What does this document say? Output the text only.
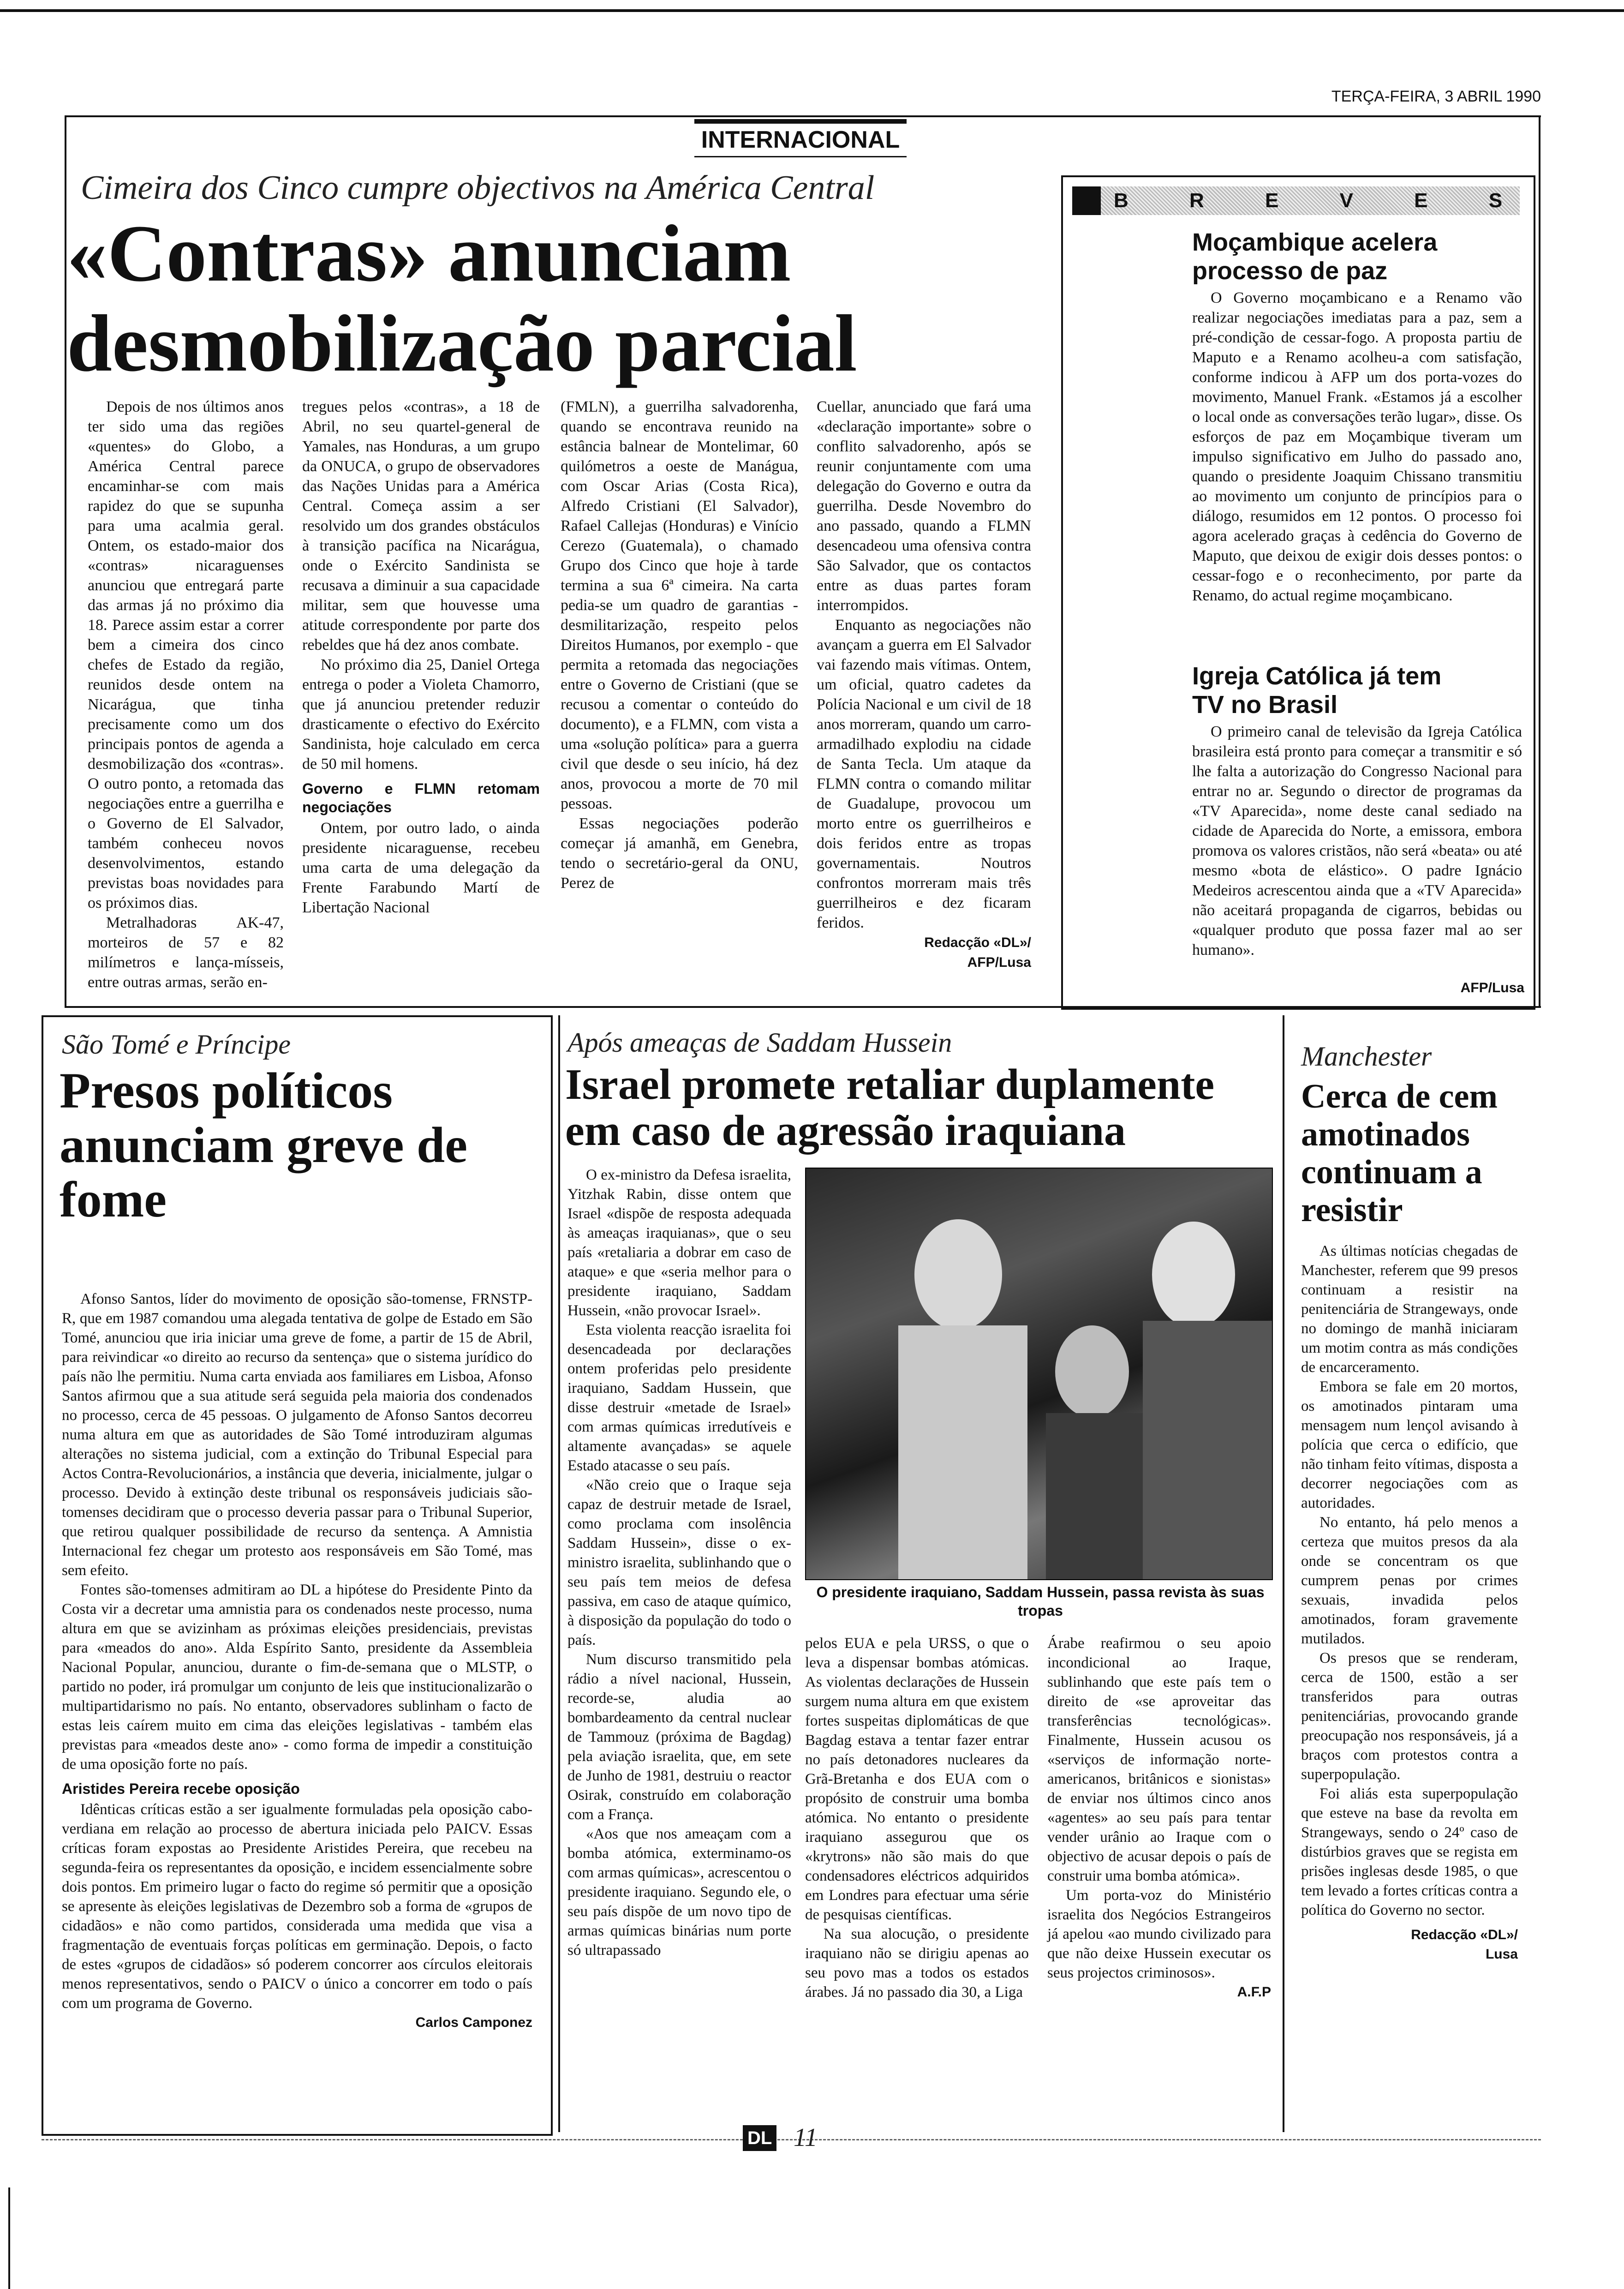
TERÇA-FEIRA, 3 ABRIL 1990
INTERNACIONAL
Cimeira dos Cinco cumpre objectivos na América Central
«Contras» anunciam
desmobilização parcial

Depois de nos últimos anos ter sido uma das regiões «quentes» do Globo, a América Central parece encaminhar-se com mais rapidez do que se supunha para uma acalmia geral. Ontem, os estado-maior dos «contras» nicaraguenses anunciou que entregará parte das armas já no próximo dia 18. Parece assim estar a correr bem a cimeira dos cinco chefes de Estado da região, reunidos desde ontem na Nicarágua, que tinha precisamente como um dos principais pontos de agenda a desmobilização dos «contras». O outro ponto, a retomada das negociações entre a guerrilha e o Governo de El Salvador, também conheceu novos desenvolvimentos, estando previstas boas novidades para os próximos dias.

Metralhadoras AK-47, morteiros de 57 e 82 milímetros e lança-mísseis, entre outras armas, serão en-

tregues pelos «contras», a 18 de Abril, no seu quartel-general de Yamales, nas Honduras, a um grupo da ONUCA, o grupo de observadores das Nações Unidas para a América Central. Começa assim a ser resolvido um dos grandes obstáculos à transição pacífica na Nicarágua, onde o Exército Sandinista se recusava a diminuir a sua capacidade militar, sem que houvesse uma atitude correspondente por parte dos rebeldes que há dez anos combate.

No próximo dia 25, Daniel Ortega entrega o poder a Violeta Chamorro, que já anunciou pretender reduzir drasticamente o efectivo do Exército Sandinista, hoje calculado em cerca de 50 mil homens.

Governo e FLMN retomam negociações

Ontem, por outro lado, o ainda presidente nicaraguense, recebeu uma carta de uma delegação da Frente Farabundo Martí de Libertação Nacional

(FMLN), a guerrilha salvadorenha, quando se encontrava reunido na estância balnear de Montelimar, 60 quilómetros a oeste de Manágua, com Oscar Arias (Costa Rica), Alfredo Cristiani (El Salvador), Rafael Callejas (Honduras) e Vinício Cerezo (Guatemala), o chamado Grupo dos Cinco que hoje à tarde termina a sua 6ª cimeira. Na carta pedia-se um quadro de garantias - desmilitarização, respeito pelos Direitos Humanos, por exemplo - que permita a retomada das negociações entre o Governo de Cristiani (que se recusou a comentar o conteúdo do documento), e a FLMN, com vista a uma «solução política» para a guerra civil que desde o seu início, há dez anos, provocou a morte de 70 mil pessoas.

Essas negociações poderão começar já amanhã, em Genebra, tendo o secretário-geral da ONU, Perez de

Cuellar, anunciado que fará uma «declaração importante» sobre o conflito salvadorenho, após se reunir conjuntamente com uma delegação do Governo e outra da guerrilha. Desde Novembro do ano passado, quando a FLMN desencadeou uma ofensiva contra São Salvador, que os contactos entre as duas partes foram interrompidos.

Enquanto as negociações não avançam a guerra em El Salvador vai fazendo mais vítimas. Ontem, um oficial, quatro cadetes da Polícia Nacional e um civil de 18 anos morreram, quando um carro-armadilhado explodiu na cidade de Santa Tecla. Um ataque da FLMN contra o comando militar de Guadalupe, provocou um morto entre os guerrilheiros e dois feridos entre as tropas governamentais. Noutros confrontos morreram mais três guerrilheiros e dez ficaram feridos.

Redacção «DL»/
AFP/Lusa
B R E V E S
Moçambique acelera processo de paz

O Governo moçambicano e a Renamo vão realizar negociações imediatas para a paz, sem a pré-condição de cessar-fogo. A proposta partiu de Maputo e a Renamo acolheu-a com satisfação, conforme indicou à AFP um dos porta-vozes do movimento, Manuel Frank. «Estamos já a escolher o local onde as conversações terão lugar», disse. Os esforços de paz em Moçambique tiveram um impulso significativo em Julho do passado ano, quando o presidente Joaquim Chissano transmitiu ao movimento um conjunto de princípios para o diálogo, resumidos em 12 pontos. O processo foi agora acelerado graças à cedência do Governo de Maputo, que deixou de exigir dois desses pontos: o cessar-fogo e o reconhecimento, por parte da Renamo, do actual regime moçambicano.

Igreja Católica já tem TV no Brasil

O primeiro canal de televisão da Igreja Católica brasileira está pronto para começar a transmitir e só lhe falta a autorização do Congresso Nacional para entrar no ar. Segundo o director de programas da «TV Aparecida», nome deste canal sediado na cidade de Aparecida do Norte, a emissora, embora promova os valores cristãos, não será «beata» ou até mesmo «bota de elástico». O padre Ignácio Medeiros acrescentou ainda que a «TV Aparecida» não aceitará propaganda de cigarros, bebidas ou «qualquer produto que possa fazer mal ao ser humano».

AFP/Lusa
São Tomé e Príncipe
Presos políticos anunciam greve de fome

Afonso Santos, líder do movimento de oposição são-tomense, FRNSTP-R, que em 1987 comandou uma alegada tentativa de golpe de Estado em São Tomé, anunciou que iria iniciar uma greve de fome, a partir de 15 de Abril, para reivindicar «o direito ao recurso da sentença» que o sistema jurídico do país não lhe permitiu. Numa carta enviada aos familiares em Lisboa, Afonso Santos afirmou que a sua atitude será seguida pela maioria dos condenados no processo, cerca de 45 pessoas. O julgamento de Afonso Santos decorreu numa altura em que as autoridades de São Tomé introduziram algumas alterações no sistema judicial, com a extinção do Tribunal Especial para Actos Contra-Revolucionários, a instância que deveria, inicialmente, julgar o processo. Devido à extinção deste tribunal os responsáveis judiciais são-tomenses decidiram que o processo deveria passar para o Tribunal Superior, que retirou qualquer possibilidade de recurso da sentença. A Amnistia Internacional fez chegar um protesto aos responsáveis em São Tomé, mas sem efeito.

Fontes são-tomenses admitiram ao DL a hipótese do Presidente Pinto da Costa vir a decretar uma amnistia para os condenados neste processo, numa altura em que se avizinham as próximas eleições presidenciais, previstas para «meados do ano». Alda Espírito Santo, presidente da Assembleia Nacional Popular, anunciou, durante o fim-de-semana que o MLSTP, o partido no poder, irá promulgar um conjunto de leis que institucionalizarão o multipartidarismo no país. No entanto, observadores sublinham o facto de estas leis caírem muito em cima das eleições legislativas - também elas previstas para «meados deste ano» - como forma de impedir a constituição de uma oposição forte no país.

Aristides Pereira recebe oposição

Idênticas críticas estão a ser igualmente formuladas pela oposição cabo-verdiana em relação ao processo de abertura iniciada pelo PAICV. Essas críticas foram expostas ao Presidente Aristides Pereira, que recebeu na segunda-feira os representantes da oposição, e incidem essencialmente sobre dois pontos. Em primeiro lugar o facto do regime só permitir que a oposição se apresente às eleições legislativas de Dezembro sob a forma de «grupos de cidadãos» e não como partidos, considerada uma medida que visa a fragmentação de eventuais forças políticas em germinação. Depois, o facto de estes «grupos de cidadãos» só poderem concorrer aos círculos eleitorais menos representativos, sendo o PAICV o único a concorrer em todo o país com um programa de Governo.

Carlos Camponez
Após ameaças de Saddam Hussein
Israel promete retaliar duplamente
em caso de agressão iraquiana

O ex-ministro da Defesa israelita, Yitzhak Rabin, disse ontem que Israel «dispõe de resposta adequada às ameaças iraquianas», que o seu país «retaliaria a dobrar em caso de ataque» e que «seria melhor para o presidente iraquiano, Saddam Hussein, «não provocar Israel».

Esta violenta reacção israelita foi desencadeada por declarações ontem proferidas pelo presidente iraquiano, Saddam Hussein, que disse destruir «metade de Israel» com armas químicas irredutíveis e altamente avançadas» se aquele Estado atacasse o seu país.

«Não creio que o Iraque seja capaz de destruir metade de Israel, como proclama com insolência Saddam Hussein», disse o ex-ministro israelita, sublinhando que o seu país tem meios de defesa passiva, em caso de ataque químico, à disposição da população do todo o país.

Num discurso transmitido pela rádio a nível nacional, Hussein, recorde-se, aludia ao bombardeamento da central nuclear de Tammouz (próxima de Bagdag) pela aviação israelita, que, em sete de Junho de 1981, destruiu o reactor Osirak, construído em colaboração com a França.

«Aos que nos ameaçam com a bomba atómica, exterminamo-os com armas químicas», acrescentou o presidente iraquiano. Segundo ele, o seu país dispõe de um novo tipo de armas químicas binárias num porte só ultrapassado

O presidente iraquiano, Saddam Hussein, passa revista às suas tropas

pelos EUA e pela URSS, o que o leva a dispensar bombas atómicas. As violentas declarações de Hussein surgem numa altura em que existem fortes suspeitas diplomáticas de que Bagdag estava a tentar fazer entrar no país detonadores nucleares da Grã-Bretanha e dos EUA com o propósito de construir uma bomba atómica. No entanto o presidente iraquiano assegurou que os «krytrons» não são mais do que condensadores eléctricos adquiridos em Londres para efectuar uma série de pesquisas científicas.

Na sua alocução, o presidente iraquiano não se dirigiu apenas ao seu povo mas a todos os estados árabes. Já no passado dia 30, a Liga

Árabe reafirmou o seu apoio incondicional ao Iraque, sublinhando que este país tem o direito de «se aproveitar das transferências tecnológicas». Finalmente, Hussein acusou os «serviços de informação norte-americanos, britânicos e sionistas» de enviar nos últimos cinco anos «agentes» ao seu país para tentar vender urânio ao Iraque com o objectivo de acusar depois o país de construir uma bomba atómica».

Um porta-voz do Ministério israelita dos Negócios Estrangeiros já apelou «ao mundo civilizado para que não deixe Hussein executar os seus projectos criminosos».

A.F.P
Manchester
Cerca de cem amotinados continuam a resistir

As últimas notícias chegadas de Manchester, referem que 99 presos continuam a resistir na penitenciária de Strangeways, onde no domingo de manhã iniciaram um motim contra as más condições de encarceramento.

Embora se fale em 20 mortos, os amotinados pintaram uma mensagem num lençol avisando à polícia que cerca o edifício, que não tinham feito vítimas, disposta a decorrer negociações com as autoridades.

No entanto, há pelo menos a certeza que muitos presos da ala onde se concentram os que cumprem penas por crimes sexuais, invadida pelos amotinados, foram gravemente mutilados.

Os presos que se renderam, cerca de 1500, estão a ser transferidos para outras penitenciárias, provocando grande preocupação nos responsáveis, já a braços com protestos contra a superpopulação.

Foi aliás esta superpopulação que esteve na base da revolta em Strangeways, sendo o 24º caso de distúrbios graves que se regista em prisões inglesas desde 1985, o que tem levado a fortes críticas contra a política do Governo no sector.

Redacção «DL»/
Lusa
DL 11
